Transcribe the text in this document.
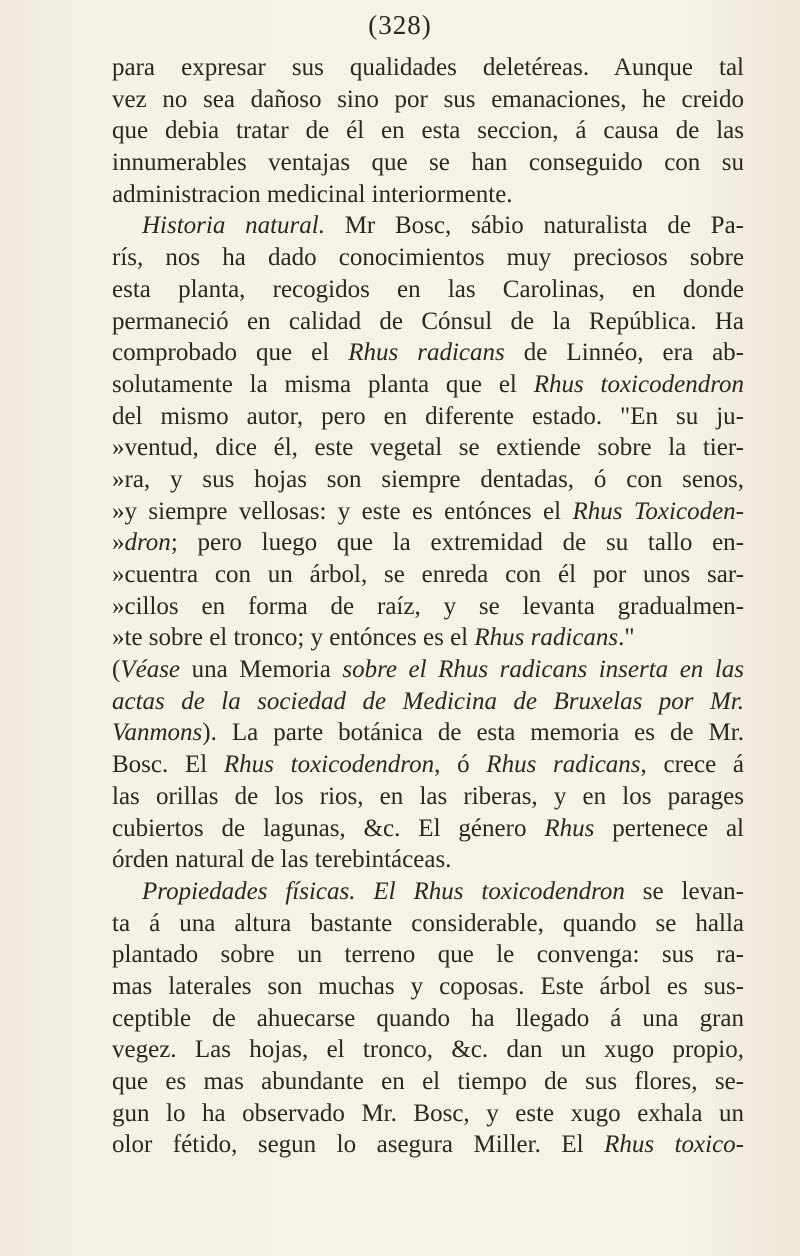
(328)
para expresar sus qualidades deletéreas. Aunque tal
vez no sea dañoso sino por sus emanaciones, he creido
que debia tratar de él en esta seccion, á causa de las
innumerables ventajas que se han conseguido con su
administracion medicinal interiormente.
Historia natural. Mr Bosc, sábio naturalista de Pa-
rís, nos ha dado conocimientos muy preciosos sobre
esta planta, recogidos en las Carolinas, en donde
permaneció en calidad de Cónsul de la República. Ha
comprobado que el Rhus radicans de Linnéo, era ab-
solutamente la misma planta que el Rhus toxicodendron
del mismo autor, pero en diferente estado. "En su ju-
»ventud, dice él, este vegetal se extiende sobre la tier-
»ra, y sus hojas son siempre dentadas, ó con senos,
»y siempre vellosas: y este es entónces el Rhus Toxicoden-
»dron; pero luego que la extremidad de su tallo en-
»cuentra con un árbol, se enreda con él por unos sar-
»cillos en forma de raíz, y se levanta gradualmen-
»te sobre el tronco; y entónces es el Rhus radicans."
(Véase una Memoria sobre el Rhus radicans inserta en las
actas de la sociedad de Medicina de Bruxelas por Mr.
Vanmons). La parte botánica de esta memoria es de Mr.
Bosc. El Rhus toxicodendron, ó Rhus radicans, crece á
las orillas de los rios, en las riberas, y en los parages
cubiertos de lagunas, &c. El género Rhus pertenece al
órden natural de las terebintáceas.
Propiedades físicas. El Rhus toxicodendron se levan-
ta á una altura bastante considerable, quando se halla
plantado sobre un terreno que le convenga: sus ra-
mas laterales son muchas y coposas. Este árbol es sus-
ceptible de ahuecarse quando ha llegado á una gran
vegez. Las hojas, el tronco, &c. dan un xugo propio,
que es mas abundante en el tiempo de sus flores, se-
gun lo ha observado Mr. Bosc, y este xugo exhala un
olor fétido, segun lo asegura Miller. El Rhus toxico-
